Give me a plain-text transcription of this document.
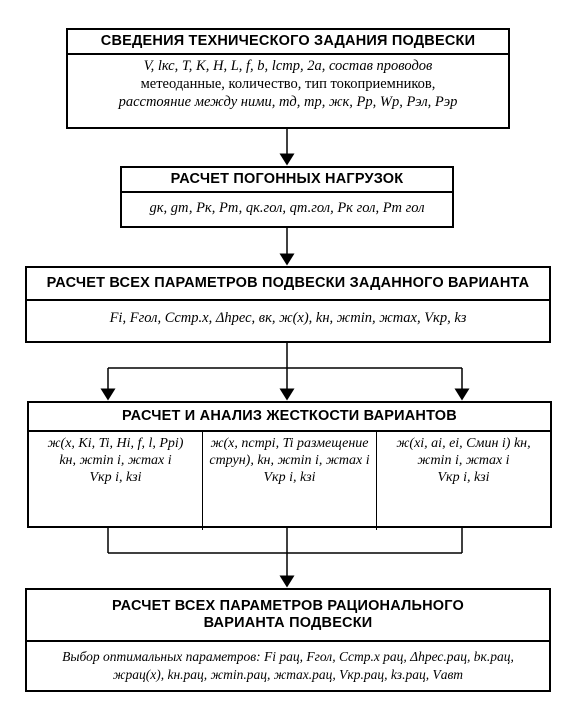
СВЕДЕНИЯ ТЕХНИЧЕСКОГО ЗАДАНИЯ ПОДВЕСКИ
V, lкс, T, K, H, L, f, b, lстр, 2a, состав проводов
метеоданные, количество, тип токоприемников,
расстояние между ними, mд, mр, жк, Pр, Wр, Pэл, Pэр
РАСЧЕТ ПОГОННЫХ НАГРУЗОК
gк, gт, Pк, Pт, qк.гол, qт.гол, Pк гол, Pт гол
РАСЧЕТ ВСЕХ ПАРАМЕТРОВ ПОДВЕСКИ ЗАДАННОГО ВАРИАНТА
Fi, Fгол, Cстр.х, Δhрес, вк, ж(х), kн, жmin, жmax, Vкр, kз
РАСЧЕТ И АНАЛИЗ ЖЕСТКОСТИ ВАРИАНТОВ
ж(x, Ki, Ti, Hi, f, l, Ppi)
kн, жmin i, жmax i
Vкр i, kзi
ж(x, nстрi, Ti размещение
струн), kн, жmin i, жmax i
Vкр i, kзi
ж(xi, ai, ei, Cмин i) kн,
жmin i, жmax i
Vкр i, kзi
РАСЧЕТ ВСЕХ ПАРАМЕТРОВ РАЦИОНАЛЬНОГО ВАРИАНТА ПОДВЕСКИ
Выбор оптимальных параметров: Fi рац, Fгол, Cстр.х рац, Δhрес.рац, bк.рац,
жрац(х), kн.рац, жmin.рац, жmax.рац, Vкр.рац, kз.рац, Vавт
